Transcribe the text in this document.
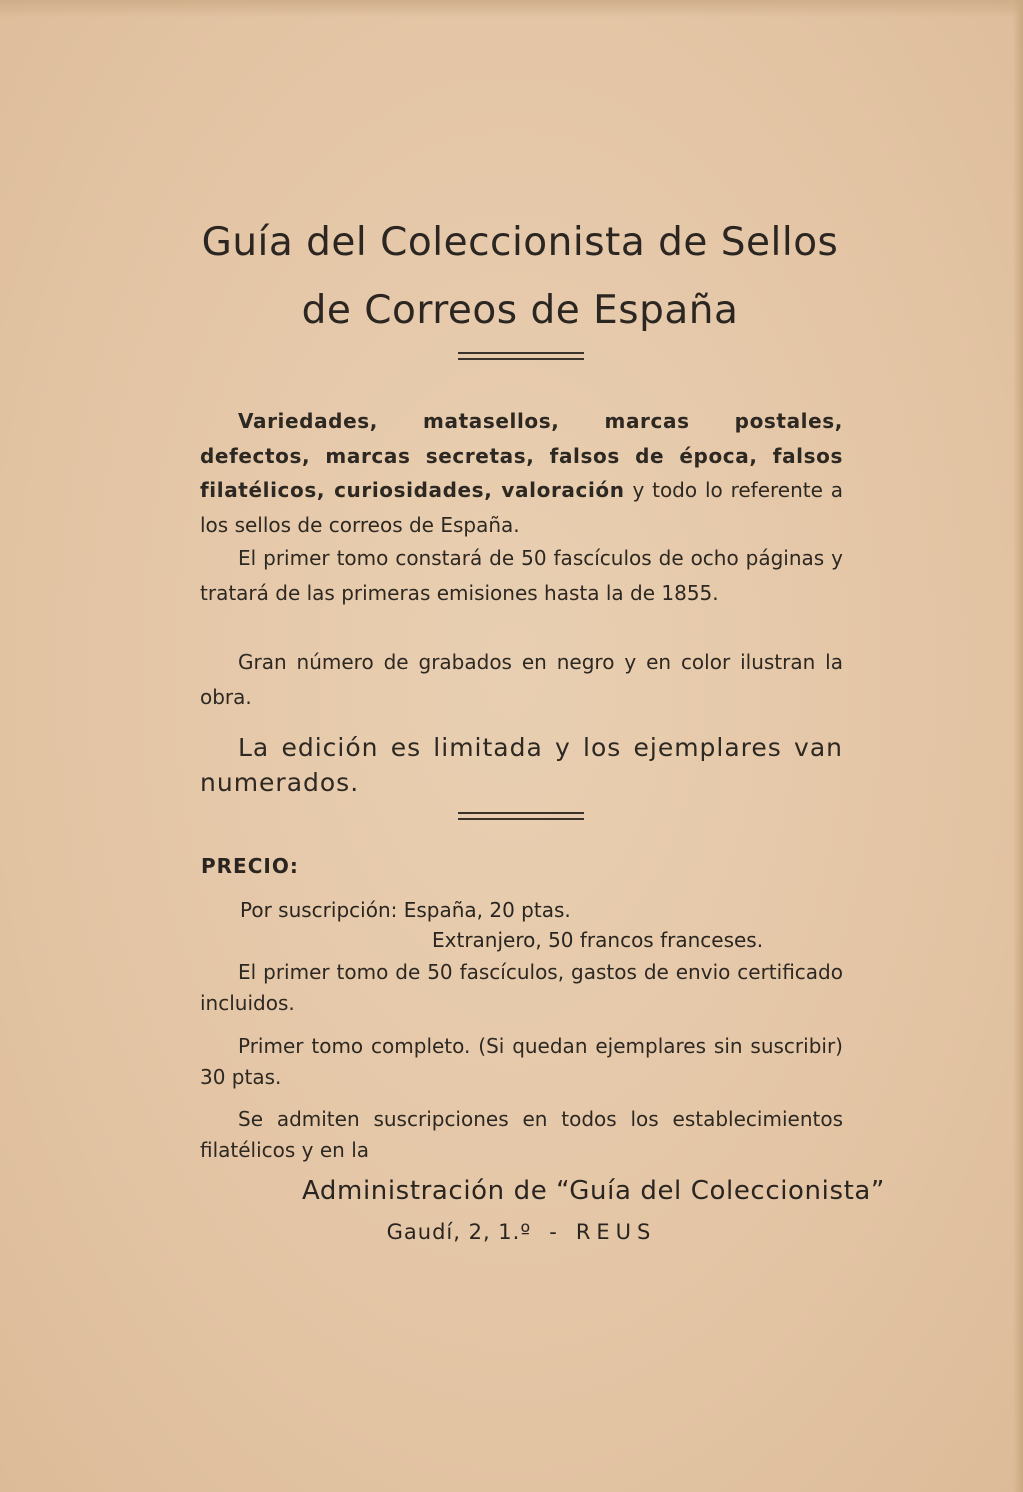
Guía del Coleccionista de Sellos
de Correos de España

Variedades, matasellos, marcas postales, defectos, marcas secretas, falsos de época, falsos filatélicos, curiosidades, valoración y todo lo referente a los sellos de correos de España.

El primer tomo constará de 50 fascículos de ocho páginas y tratará de las primeras emisiones hasta la de 1855.

Gran número de grabados en negro y en color ilustran la obra.

La edición es limitada y los ejemplares van numerados.

PRECIO:

Por suscripción: España, 20 ptas.

Extranjero, 50 francos franceses.

El primer tomo de 50 fascículos, gastos de envio certificado incluidos.

Primer tomo completo. (Si quedan ejemplares sin suscribir) 30 ptas.

Se admiten suscripciones en todos los establecimientos filatélicos y en la

Administración de “Guía del Coleccionista”

Gaudí, 2, 1.º - REUS
